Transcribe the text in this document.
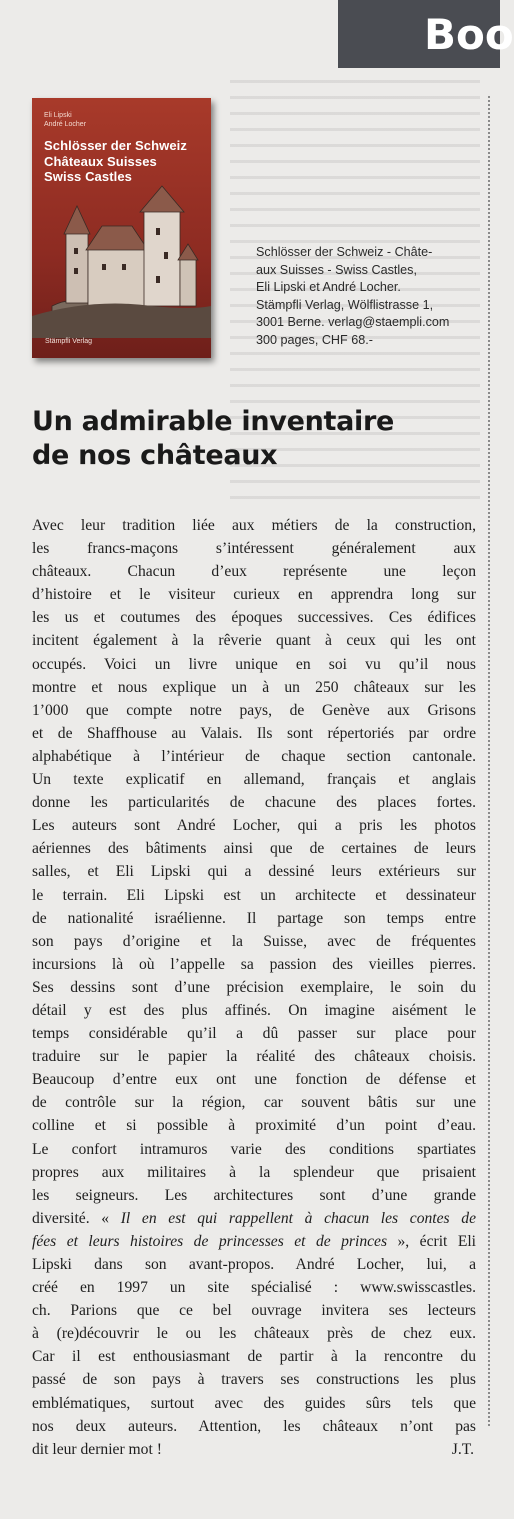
Boo
Eli Lipski
André Locher
Schlösser der Schweiz
Châteaux Suisses
Swiss Castles
Stämpfli Verlag
Schlösser der Schweiz - Châte-
aux Suisses - Swiss Castles,
Eli Lipski et André Locher.
Stämpfli Verlag, Wölflistrasse 1,
3001 Berne. verlag@staempli.com
300 pages, CHF 68.-
Un admirable inventaire
de nos châteaux
Avec leur tradition liée aux métiers de la construction,
les francs-maçons s’intéressent généralement aux
châteaux. Chacun d’eux représente une leçon
d’histoire et le visiteur curieux en apprendra long sur
les us et coutumes des époques successives. Ces édifices
incitent également à la rêverie quant à ceux qui les ont
occupés. Voici un livre unique en soi vu qu’il nous
montre et nous explique un à un 250 châteaux sur les
1’000 que compte notre pays, de Genève aux Grisons
et de Shaffhouse au Valais. Ils sont répertoriés par ordre
alphabétique à l’intérieur de chaque section cantonale.
Un texte explicatif en allemand, français et anglais
donne les particularités de chacune des places fortes.
Les auteurs sont André Locher, qui a pris les photos
aériennes des bâtiments ainsi que de certaines de leurs
salles, et Eli Lipski qui a dessiné leurs extérieurs sur
le terrain. Eli Lipski est un architecte et dessinateur
de nationalité israélienne. Il partage son temps entre
son pays d’origine et la Suisse, avec de fréquentes
incursions là où l’appelle sa passion des vieilles pierres.
Ses dessins sont d’une précision exemplaire, le soin du
détail y est des plus affinés. On imagine aisément le
temps considérable qu’il a dû passer sur place pour
traduire sur le papier la réalité des châteaux choisis.
Beaucoup d’entre eux ont une fonction de défense et
de contrôle sur la région, car souvent bâtis sur une
colline et si possible à proximité d’un point d’eau.
Le confort intramuros varie des conditions spartiates
propres aux militaires à la splendeur que prisaient
les seigneurs. Les architectures sont d’une grande
diversité. « Il en est qui rappellent à chacun les contes de
fées et leurs histoires de princesses et de princes », écrit Eli
Lipski dans son avant-propos. André Locher, lui, a
créé en 1997 un site spécialisé : www.swisscastles.
ch. Parions que ce bel ouvrage invitera ses lecteurs
à (re)découvrir le ou les châteaux près de chez eux.
Car il est enthousiasmant de partir à la rencontre du
passé de son pays à travers ses constructions les plus
emblématiques, surtout avec des guides sûrs tels que
nos deux auteurs. Attention, les châteaux n’ont pas
dit leur dernier mot !	J.T.
